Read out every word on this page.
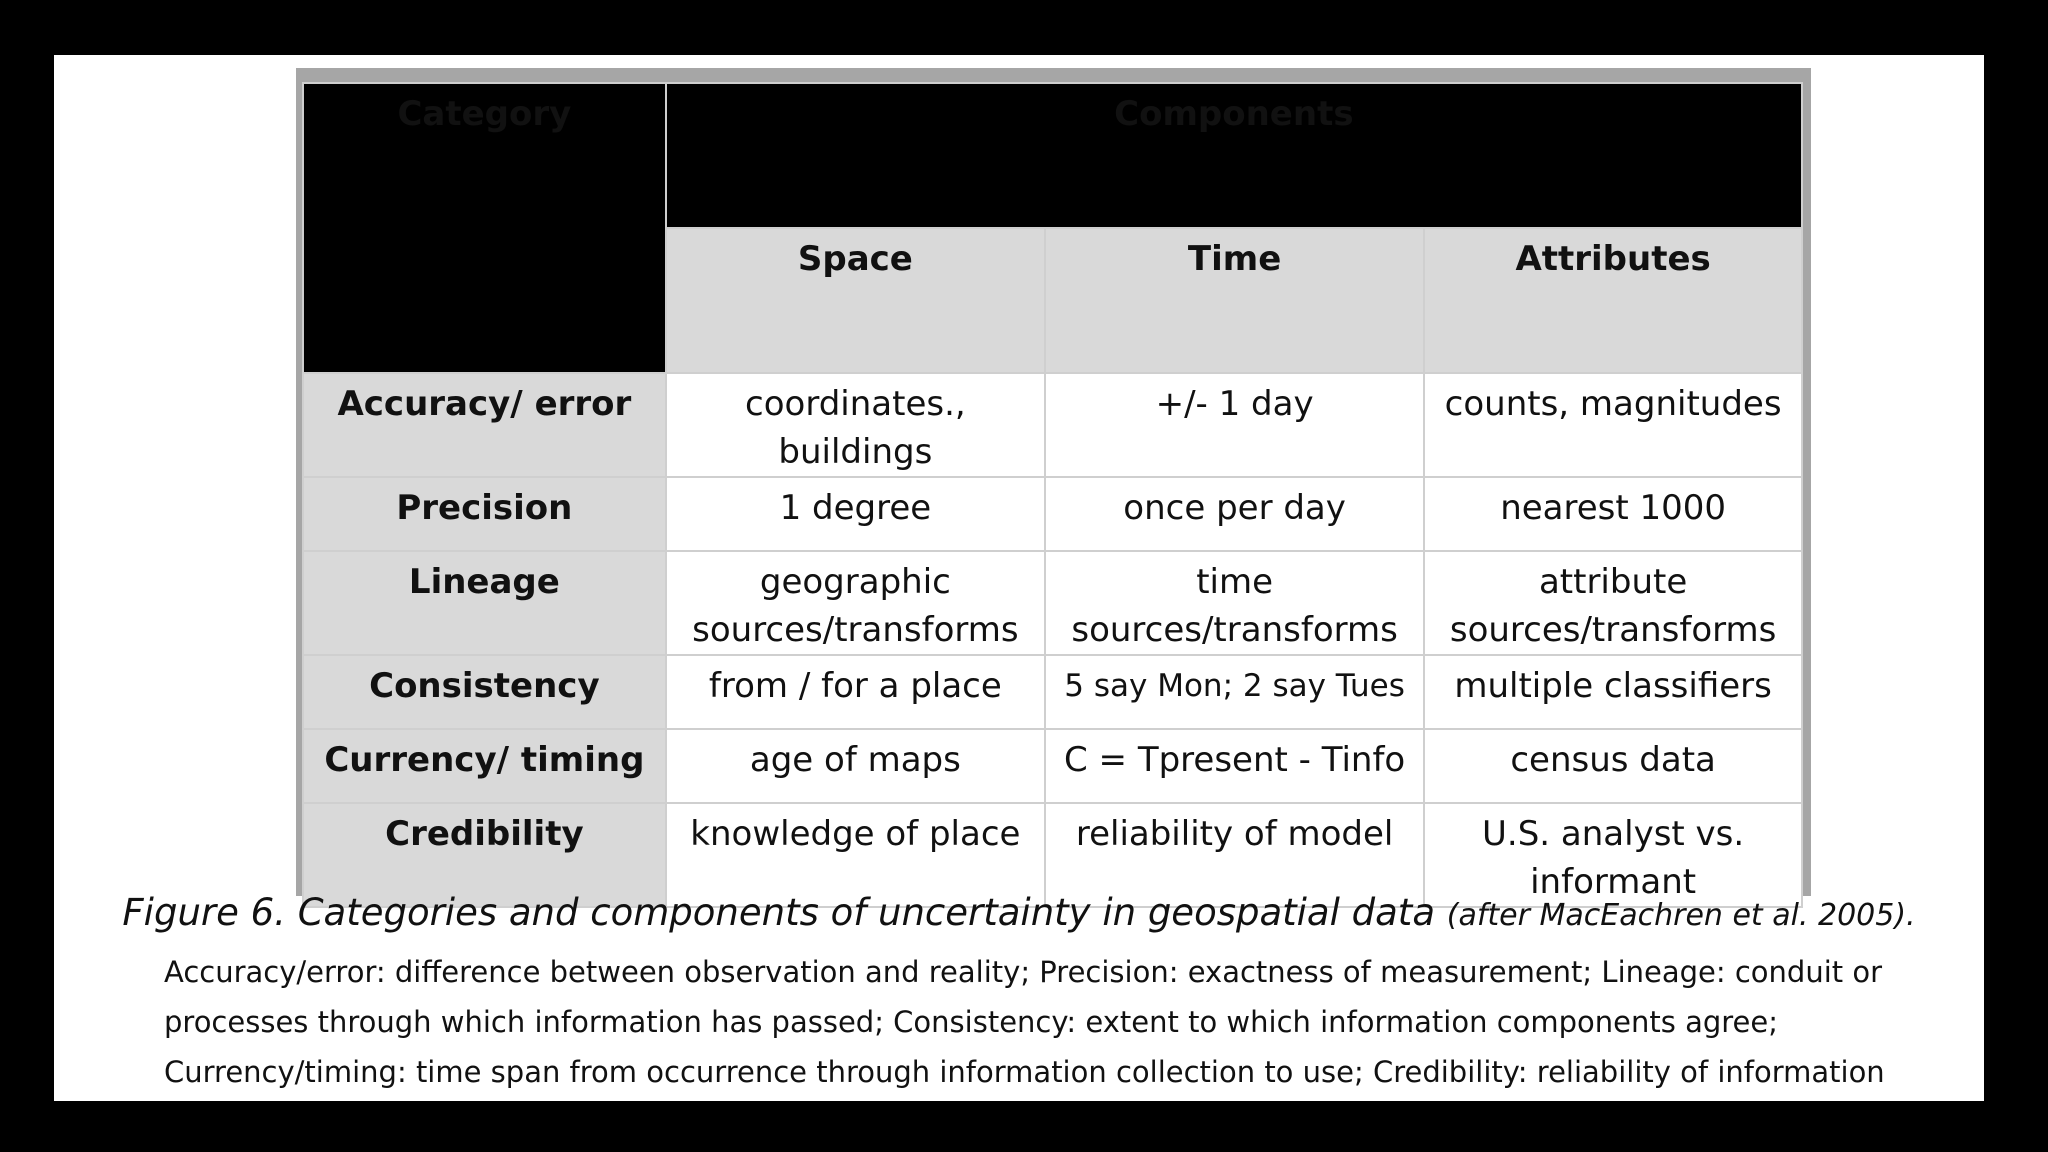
Category	Components		
	Space	Time	Attributes
Accuracy/ error	coordinates., buildings	+/- 1 day	counts, magnitudes
Precision	1 degree	once per day	nearest 1000
Lineage	geographic sources/transforms	time sources/transforms	attribute sources/transforms
Consistency	from / for a place	5 say Mon; 2 say Tues	multiple classifiers
Currency/ timing	age of maps	C = Tpresent - Tinfo	census data
Credibility	knowledge of place	reliability of model	U.S. analyst vs. informant
Figure 6. Categories and components of uncertainty in geospatial data (after MacEachren et al. 2005).
Accuracy/error: difference between observation and reality; Precision: exactness of measurement; Lineage: conduit or processes through which information has passed; Consistency: extent to which information components agree; Currency/timing: time span from occurrence through information collection to use; Credibility: reliability of information
